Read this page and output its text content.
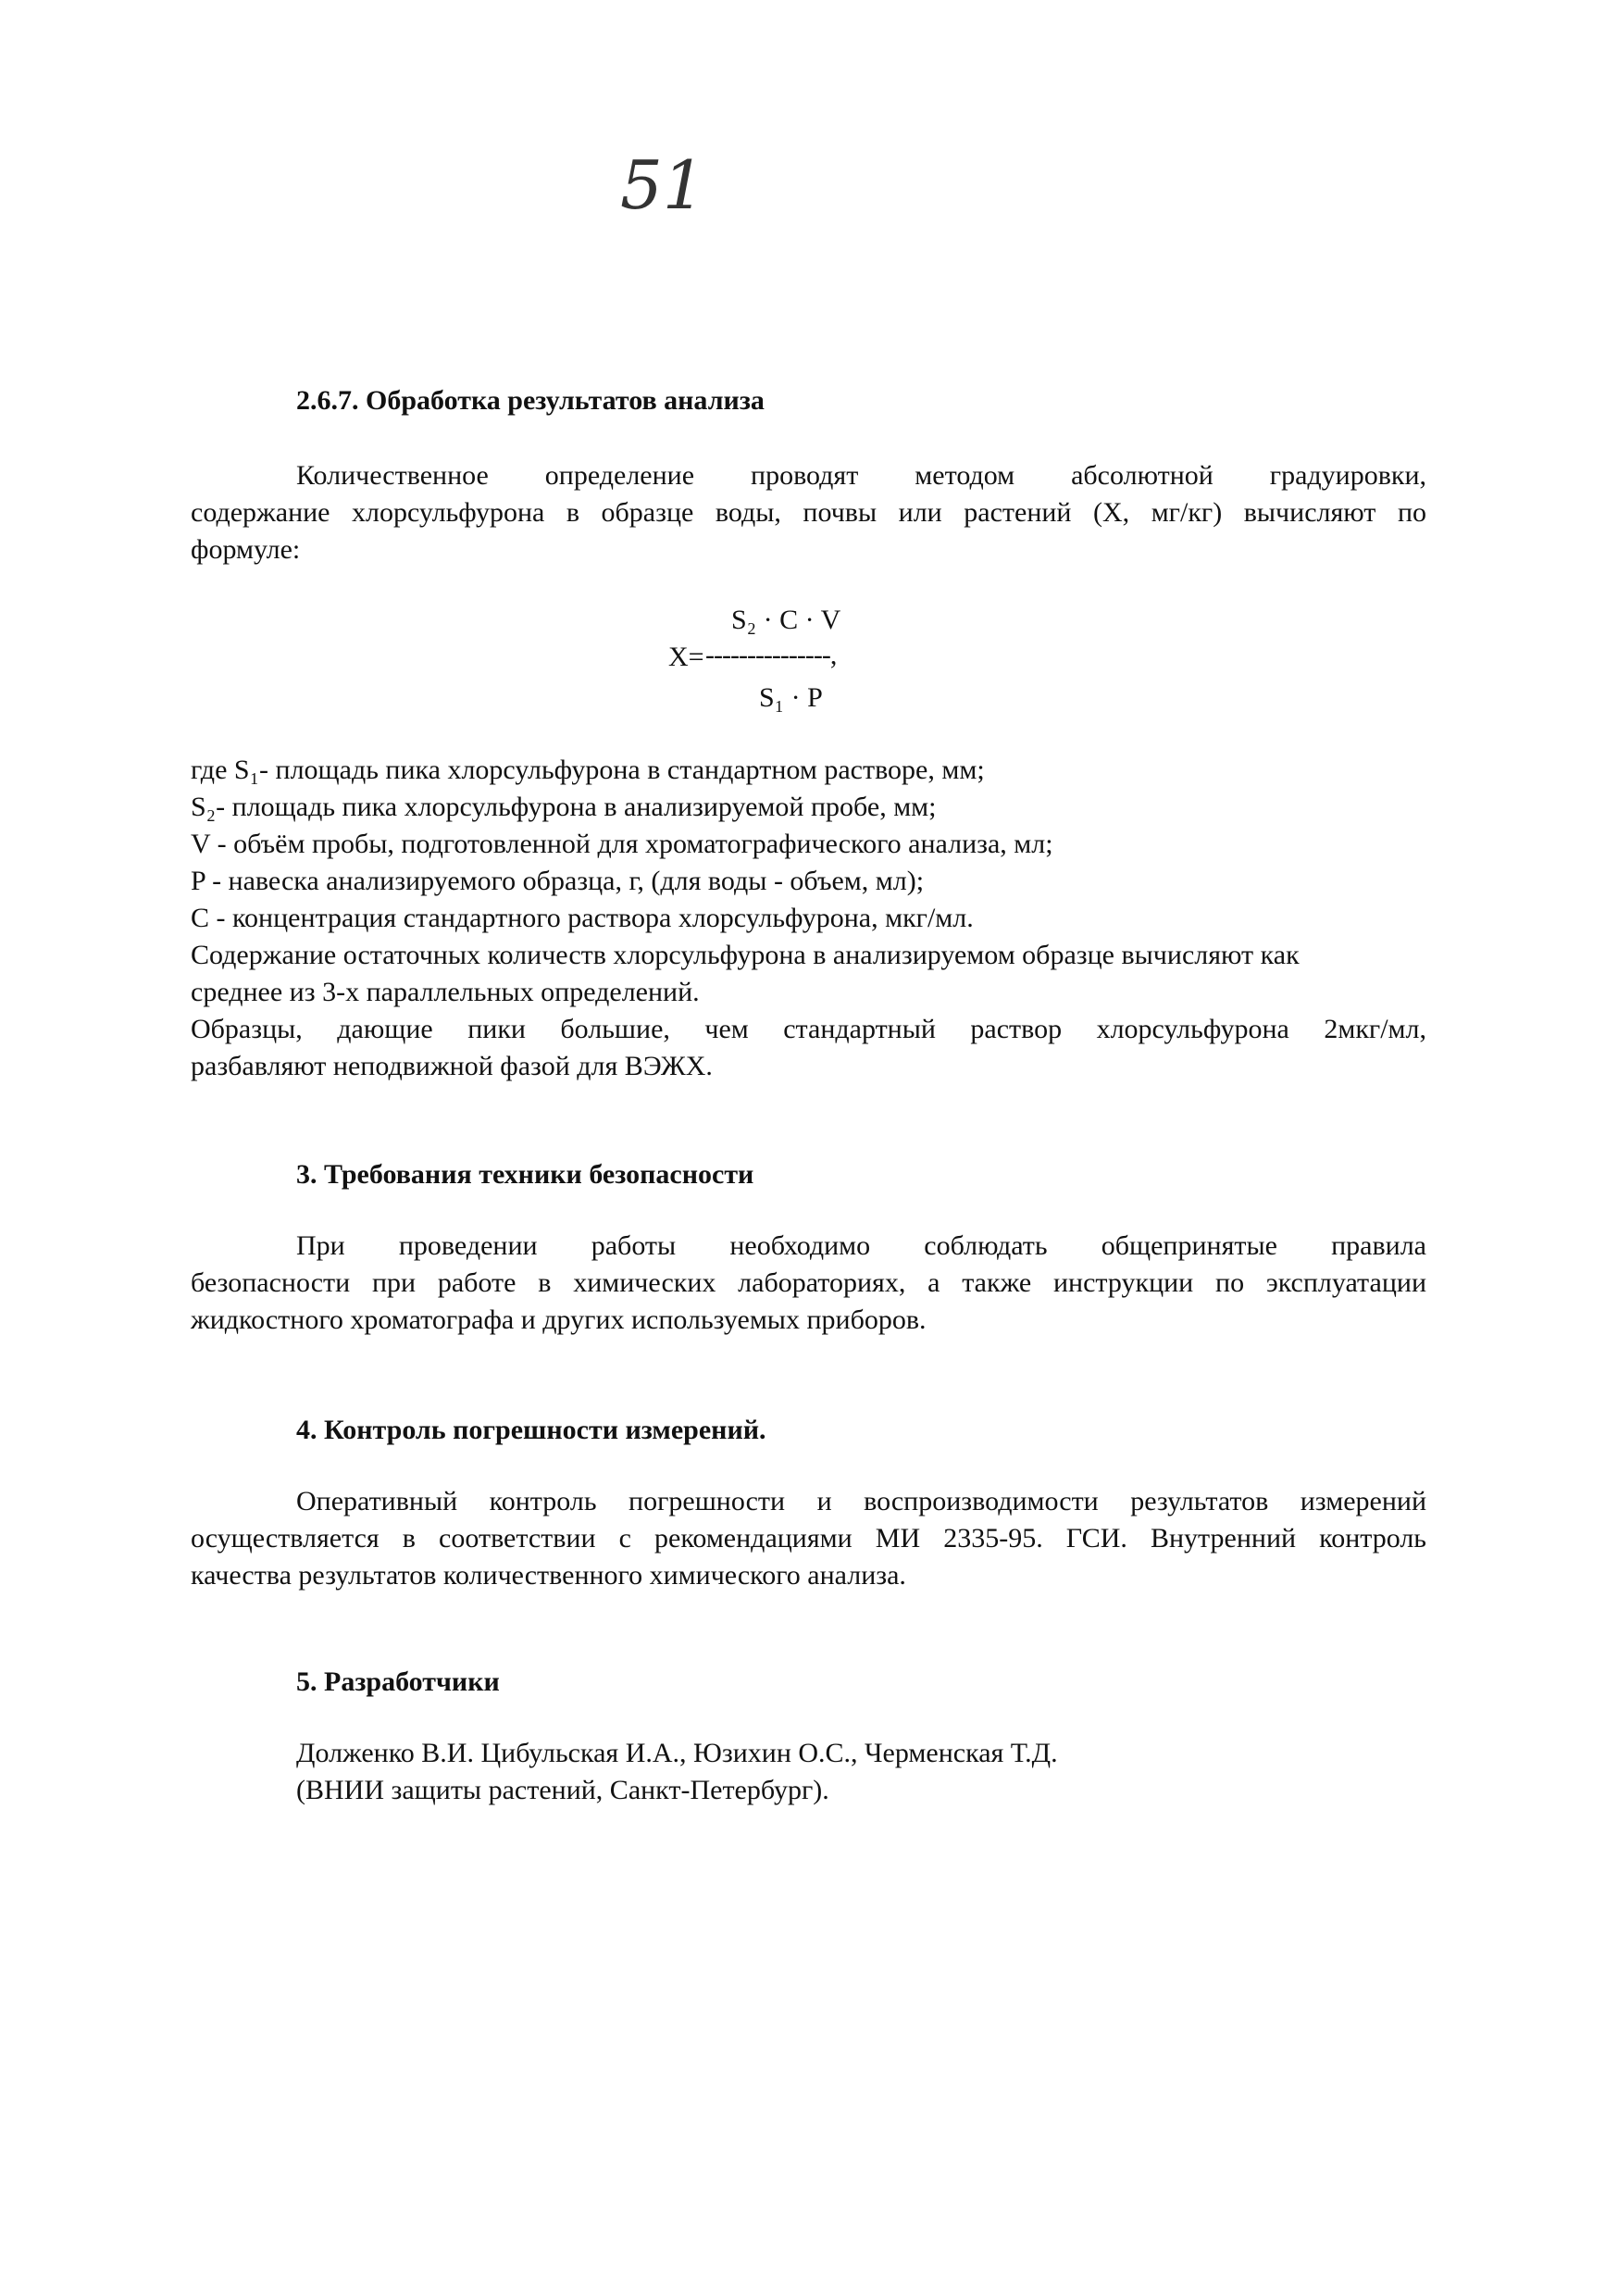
51
2.6.7. Обработка результатов анализа
Количественное определение проводят методом абсолютной градуировки,
содержание хлорсульфурона в образце воды, почвы или растений (X, мг/кг) вычисляют по
формуле:
S₂ · C · V
X= ---------------,
S₁ · P
где S₁- площадь пика хлорсульфурона в стандартном растворе, мм;
S₂- площадь пика хлорсульфурона в анализируемой пробе, мм;
V - объём пробы, подготовленной для хроматографического анализа, мл;
P - навеска анализируемого образца, г, (для воды - объем, мл);
C - концентрация стандартного раствора хлорсульфурона, мкг/мл.
Содержание остаточных количеств хлорсульфурона в анализируемом образце вычисляют как
среднее из 3-х параллельных определений.
Образцы, дающие пики большие, чем стандартный раствор хлорсульфурона 2мкг/мл,
разбавляют неподвижной фазой для ВЭЖХ.
3. Требования техники безопасности
При проведении работы необходимо соблюдать общепринятые правила
безопасности при работе в химических лабораториях, а также инструкции по эксплуатации
жидкостного хроматографа и других используемых приборов.
4. Контроль погрешности измерений.
Оперативный контроль погрешности и воспроизводимости результатов измерений
осуществляется в соответствии с рекомендациями МИ 2335-95. ГСИ. Внутренний контроль
качества результатов количественного химического анализа.
5. Разработчики
Долженко В.И. Цибульская И.А., Юзихин О.С., Черменская Т.Д.
(ВНИИ защиты растений, Санкт-Петербург).
